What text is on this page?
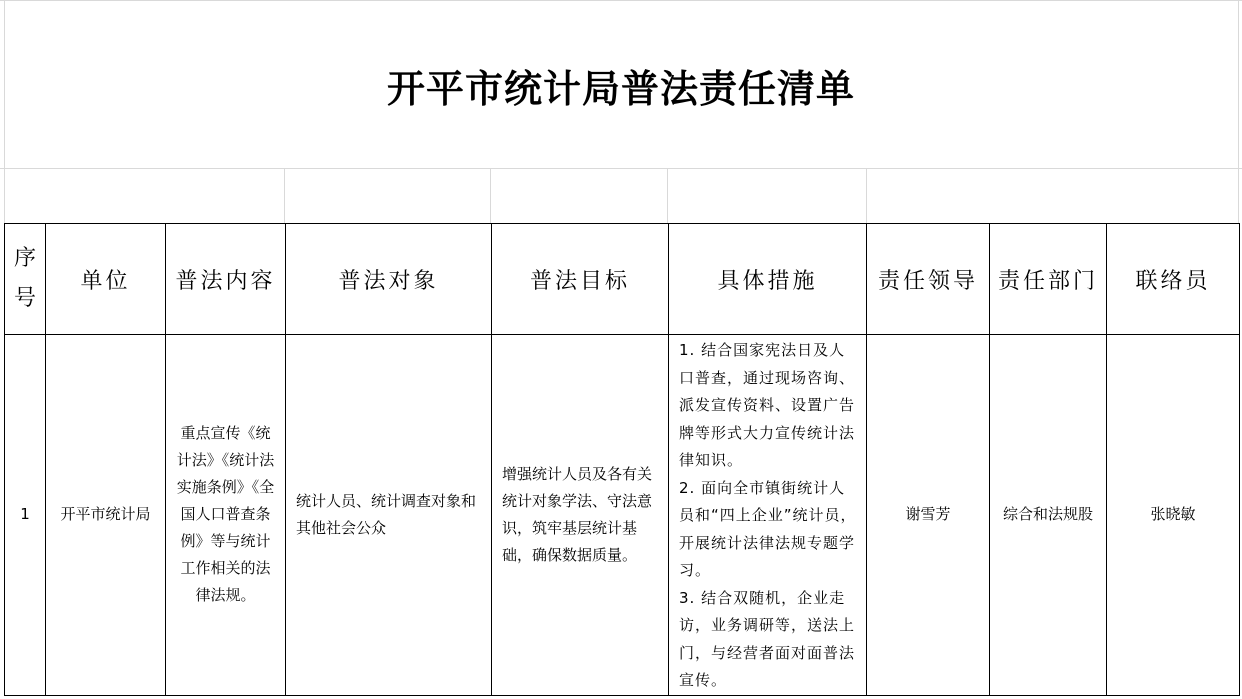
开平市统计局普法责任清单
序号	单位	普法内容	普法对象	普法目标	具体措施	责任领导	责任部门	联络员
1	开平市统计局	重点宣传《统计法》《统计法实施条例》《全国人口普查条例》等与统计工作相关的法律法规。	统计人员、统计调查对象和其他社会公众	增强统计人员及各有关统计对象学法、守法意识，筑牢基层统计基础，确保数据质量。	1. 结合国家宪法日及人口普查，通过现场咨询、派发宣传资料、设置广告牌等形式大力宣传统计法律知识。

2. 面向全市镇街统计人员和“四上企业”统计员，开展统计法律法规专题学习。

3. 结合双随机，企业走访，业务调研等，送法上门，与经营者面对面普法宣传。	谢雪芳	综合和法规股	张晓敏
